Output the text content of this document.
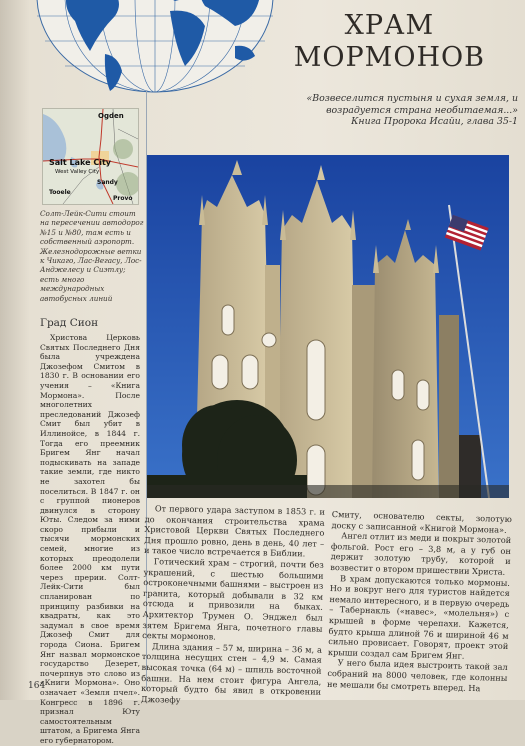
ХРАМ
МОРМОНОВ
«Возвеселится пустыня и сухая земля, и возрадуется страна необитаемая...»
Книга Пророка Исайи, глава 35-1
Ogden
Salt Lake City
West Valley City
Sandy
Provo
Tooele
Солт-Лейк-Сити стоит на пересечении автодорог №15 и №80, там есть и собственный аэропорт. Железнодорожные ветки к Чикаго, Лас-Вегасу, Лос-Анджелесу и Сиэтлу; есть много международных автобусных линий
Град Сион

Христова Церковь Святых Последнего Дня была учреждена Джозефом Смитом в 1830 г. В основании его учения – «Книга Мормона». После многолетних преследований Джозеф Смит был убит в Иллинойсе, в 1844 г. Тогда его преемник Бригем Янг начал подыскивать на западе такие земли, где никто не захотел бы поселиться. В 1847 г. он с группой пионеров двинулся в сторону Юты. Следом за ними скоро прибыли и тысячи мормонских семей, многие из которых преодолели более 2000 км пути через прерии. Солт-Лейк-Сити был спланирован по принципу разбивки на квадраты, как это задумал в свое время Джозеф Смит для города Сиона. Бригем Янг назвал мормонское государство Дезерет, почерпнув это слово из «Книги Мормона». Оно означает «Земля пчел». Конгресс в 1896 г. признал Юту самостоятельным штатом, а Бригема Янга его губернатором.

От первого удара заступом в 1853 г. и до окончания строительства храма Христовой Церкви Святых Последнего Дня прошло ровно, день в день, 40 лет – и такое число встречается в Библии.

Готический храм – строгий, почти без украшений, с шестью большими остроконечными башнями – выстроен из гранита, который добывали в 32 км отсюда и привозили на быках. Архитектор Трумен О. Энджел был зятем Бригема Янга, почетного главы секты мормонов.

Длина здания – 57 м, ширина – 36 м, а толщина несущих стен – 4,9 м. Самая высокая точка (64 м) – шпиль восточной башни. На нем стоит фигура Ангела, который будто бы явил в откровении Джозефу

Смиту, основателю секты, золотую доску с записанной «Книгой Мормона».

Ангел отлит из меди и покрыт золотой фольгой. Рост его – 3,8 м, а у губ он держит золотую трубу, которой и возвестит о втором пришествии Христа.

В храм допускаются только мормоны. Но и вокруг него для туристов найдется немало интересного, и в первую очередь – Табернакль («навес», «молельня») с крышей в форме черепахи. Кажется, будто крыша длиной 76 и шириной 46 м сильно провисает. Говорят, проект этой крыши создал сам Бригем Янг.

У него была идея выстроить такой зал собраний на 8000 человек, где колонны не мешали бы смотреть вперед. На

164
